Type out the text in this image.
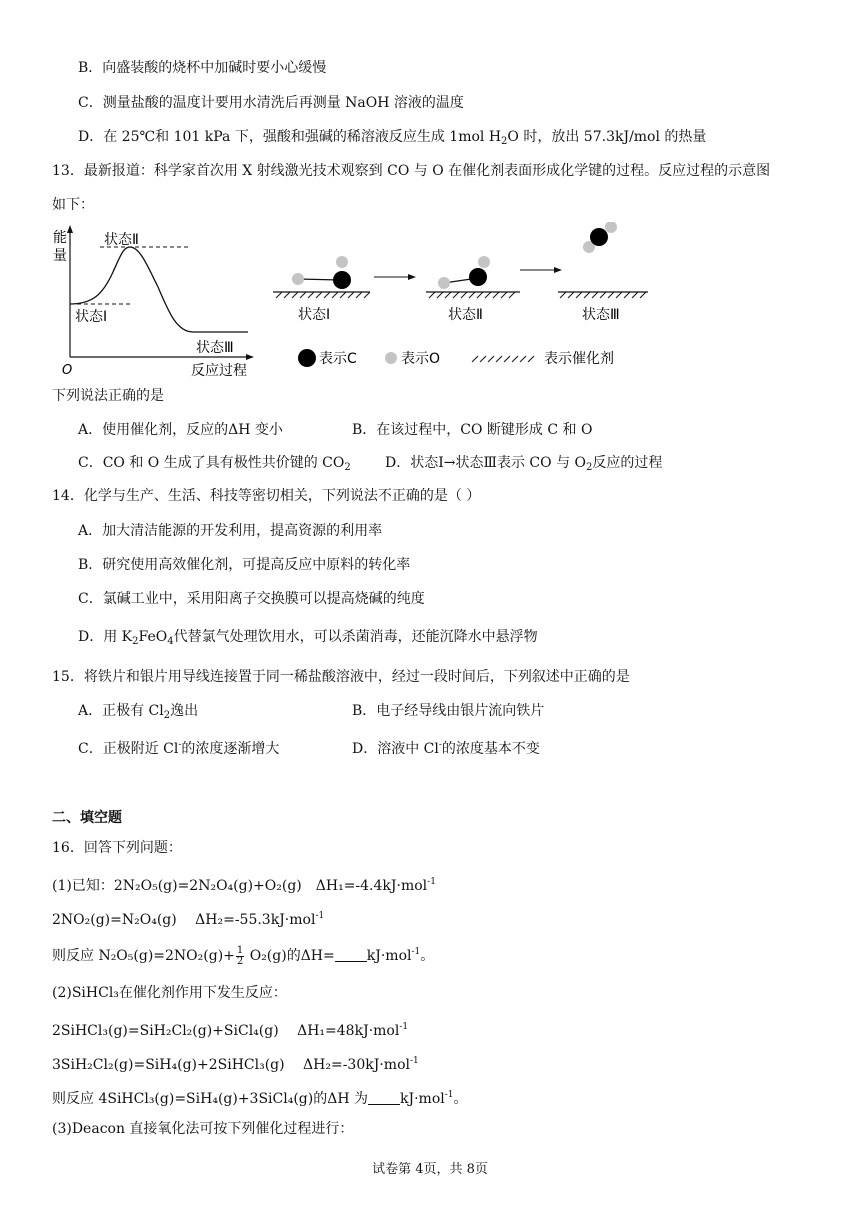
B．向盛装酸的烧杯中加碱时要小心缓慢
C．测量盐酸的温度计要用水清洗后再测量 NaOH 溶液的温度
D．在 25℃和 101 kPa 下，强酸和强碱的稀溶液反应生成 1mol $H_2O$ 时，放出 57.3kJ/mol 的热量
13．最新报道：科学家首次用 X 射线激光技术观察到 CO 与 O 在催化剂表面形成化学键的过程。反应过程的示意图
如下：
能
量
O	反应过程
状态Ⅱ
状态Ⅰ
状态Ⅲ
状态Ⅰ	状态Ⅱ	状态Ⅲ
表示C	表示O	表示催化剂
下列说法正确的是
A．使用催化剂，反应的ΔH 变小	B．在该过程中，CO 断键形成 C 和 O
C．CO 和 O 生成了具有极性共价键的 $CO_2$ D．状态Ⅰ→状态Ⅲ表示 CO 与 $O_2$反应的过程
14．化学与生产、生活、科技等密切相关，下列说法不正确的是（ ）
A．加大清洁能源的开发利用，提高资源的利用率
B．研究使用高效催化剂，可提高反应中原料的转化率
C．氯碱工业中，采用阳离子交换膜可以提高烧碱的纯度
D．用 $K_2FeO_4$代替氯气处理饮用水，可以杀菌消毒，还能沉降水中悬浮物
15．将铁片和银片用导线连接置于同一稀盐酸溶液中，经过一段时间后，下列叙述中正确的是
A．正极有 $Cl_2$逸出	B．电子经导线由银片流向铁片
C．正极附近 Cl-的浓度逐渐增大	D．溶液中 Cl-的浓度基本不变
二、填空题
16．回答下列问题：
(1)已知：2N₂O₅(g)=2N₂O₄(g)+O₂(g)　ΔH₁=-4.4kJ·mol$^{-1}$
2NO₂(g)=N₂O₄(g)　 ΔH₂=-55.3kJ·mol$^{-1}$
则反应 $N_2O_5(g)=2NO_2(g)+ \frac{1}{2} O_2(g)$的ΔH= kJ·mol$^{-1}$。
(2)SiHCl₃在催化剂作用下发生反应：
2SiHCl₃(g)=SiH₂Cl₂(g)+SiCl₄(g)　 ΔH₁=48kJ·mol$^{-1}$
3SiH₂Cl₂(g)=SiH₄(g)+2SiHCl₃(g)　 ΔH₂=-30kJ·mol$^{-1}$
则反应 4SiHCl₃(g)=SiH₄(g)+3SiCl₄(g)的ΔH 为 kJ·mol$^{-1}$。
(3)Deacon 直接氧化法可按下列催化过程进行：
试卷第 4页，共 8页
